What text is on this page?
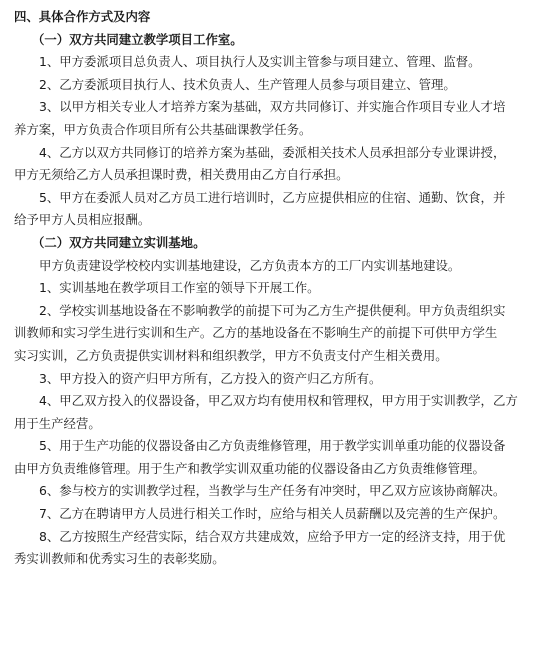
四、具体合作方式及内容
（一）双方共同建立教学项目工作室。
1、甲方委派项目总负责人、项目执行人及实训主管参与项目建立、管理、监督。
2、乙方委派项目执行人、技术负责人、生产管理人员参与项目建立、管理。
3、以甲方相关专业人才培养方案为基础，双方共同修订、并实施合作项目专业人才培
养方案，甲方负责合作项目所有公共基础课教学任务。
4、乙方以双方共同修订的培养方案为基础，委派相关技术人员承担部分专业课讲授，
甲方无须给乙方人员承担课时费，相关费用由乙方自行承担。
5、甲方在委派人员对乙方员工进行培训时，乙方应提供相应的住宿、通勤、饮食，并
给予甲方人员相应报酬。
（二）双方共同建立实训基地。
甲方负责建设学校校内实训基地建设，乙方负责本方的工厂内实训基地建设。
1、实训基地在教学项目工作室的领导下开展工作。
2、学校实训基地设备在不影响教学的前提下可为乙方生产提供便利。甲方负责组织实
训教师和实习学生进行实训和生产。乙方的基地设备在不影响生产的前提下可供甲方学生
实习实训，乙方负责提供实训材料和组织教学，甲方不负责支付产生相关费用。
3、甲方投入的资产归甲方所有，乙方投入的资产归乙方所有。
4、甲乙双方投入的仪器设备，甲乙双方均有使用权和管理权，甲方用于实训教学，乙方
用于生产经营。
5、用于生产功能的仪器设备由乙方负责维修管理，用于教学实训单重功能的仪器设备
由甲方负责维修管理。用于生产和教学实训双重功能的仪器设备由乙方负责维修管理。
6、参与校方的实训教学过程，当教学与生产任务有冲突时，甲乙双方应该协商解决。
7、乙方在聘请甲方人员进行相关工作时，应给与相关人员薪酬以及完善的生产保护。
8、乙方按照生产经营实际，结合双方共建成效，应给予甲方一定的经济支持，用于优
秀实训教师和优秀实习生的表彰奖励。
